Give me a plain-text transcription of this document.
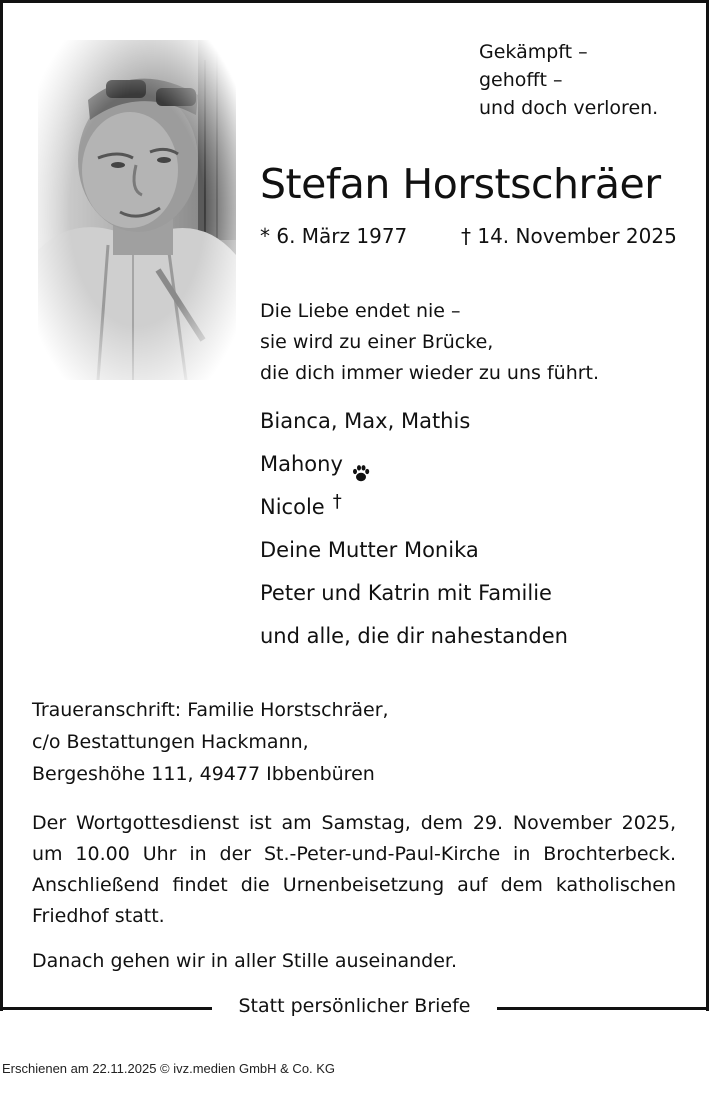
Gekämpft –
gehofft –
und doch verloren.
Stefan Horstschräer
* 6. März 1977	† 14. November 2025
Die Liebe endet nie –
sie wird zu einer Brücke,
die dich immer wieder zu uns führt.
Bianca, Max, Mathis
Mahony
Nicole †
Deine Mutter Monika
Peter und Katrin mit Familie
und alle, die dir nahestanden
Traueranschrift: Familie Horstschräer,
c/o Bestattungen Hackmann,
Bergeshöhe 111, 49477 Ibbenbüren
Der Wortgottesdienst ist am Samstag, dem 29. November 2025, um 10.00 Uhr in der St.-Peter-und-Paul-Kirche in Brochterbeck. Anschließend findet die Urnenbeisetzung auf dem katholischen Friedhof statt.
Danach gehen wir in aller Stille auseinander.
Statt persönlicher Briefe
Erschienen am 22.11.2025 © ivz.medien GmbH & Co. KG
